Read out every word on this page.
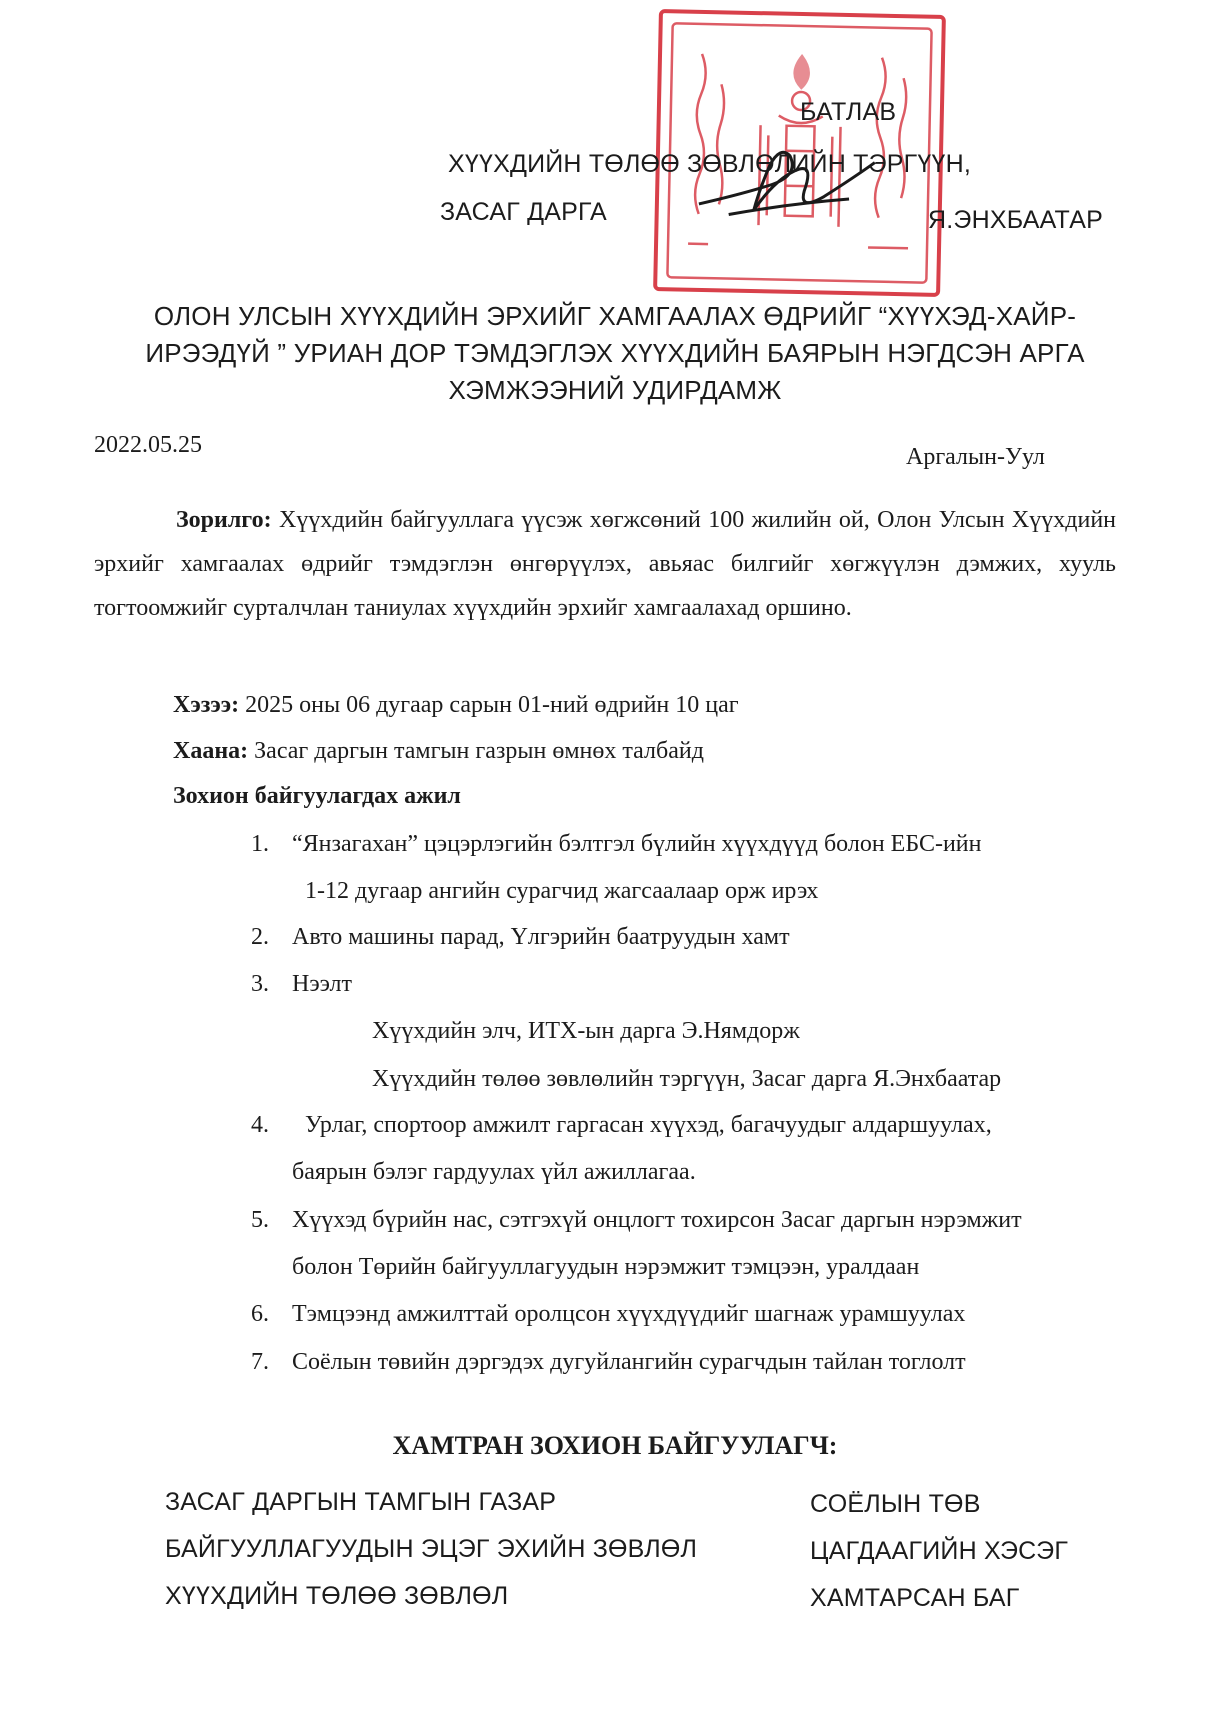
БАТЛАВ
ХҮҮХДИЙН ТӨЛӨӨ ЗӨВЛӨЛИЙН ТЭРГҮҮН,
ЗАСАГ ДАРГА	Я.ЭНХБААТАР
ОЛОН УЛСЫН ХҮҮХДИЙН ЭРХИЙГ ХАМГААЛАХ ӨДРИЙГ “ХҮҮХЭД-ХАЙР-
ИРЭЭДҮЙ ” УРИАН ДОР ТЭМДЭГЛЭХ ХҮҮХДИЙН БАЯРЫН НЭГДСЭН АРГА
ХЭМЖЭЭНИЙ УДИРДАМЖ
2022.05.25	Аргалын-Уул
Зорилго: Хүүхдийн байгууллага үүсэж хөгжсөний 100 жилийн ой, Олон Улсын Хүүхдийн эрхийг хамгаалах өдрийг тэмдэглэн өнгөрүүлэх, авьяас билгийг хөгжүүлэн дэмжих, хууль тогтоомжийг сурталчлан таниулах хүүхдийн эрхийг хамгаалахад оршино.
Хэзээ: 2025 оны 06 дугаар сарын 01-ний өдрийн 10 цаг
Хаана: Засаг даргын тамгын газрын өмнөх талбайд
Зохион байгуулагдах ажил
1. “Янзагахан” цэцэрлэгийн бэлтгэл бүлийн хүүхдүүд болон ЕБС-ийн
1-12 дугаар ангийн сурагчид жагсаалаар орж ирэх
2. Авто машины парад, Үлгэрийн баатруудын хамт
3. Нээлт
Хүүхдийн элч, ИТХ-ын дарга Э.Нямдорж
Хүүхдийн төлөө зөвлөлийн тэргүүн, Засаг дарга Я.Энхбаатар
4. Урлаг, спортоор амжилт гаргасан хүүхэд, багачуудыг алдаршуулах,
баярын бэлэг гардуулах үйл ажиллагаа.
5. Хүүхэд бүрийн нас, сэтгэхүй онцлогт тохирсон Засаг даргын нэрэмжит
болон Төрийн байгууллагуудын нэрэмжит тэмцээн, уралдаан
6. Тэмцээнд амжилттай оролцсон хүүхдүүдийг шагнаж урамшуулах
7. Соёлын төвийн дэргэдэх дугуйлангийн сурагчдын тайлан тоглолт
ХАМТРАН ЗОХИОН БАЙГУУЛАГЧ:
ЗАСАГ ДАРГЫН ТАМГЫН ГАЗАР
БАЙГУУЛЛАГУУДЫН ЭЦЭГ ЭХИЙН ЗӨВЛӨЛ
ХҮҮХДИЙН ТӨЛӨӨ ЗӨВЛӨЛ
СОЁЛЫН ТӨВ
ЦАГДААГИЙН ХЭСЭГ
ХАМТАРСАН БАГ
